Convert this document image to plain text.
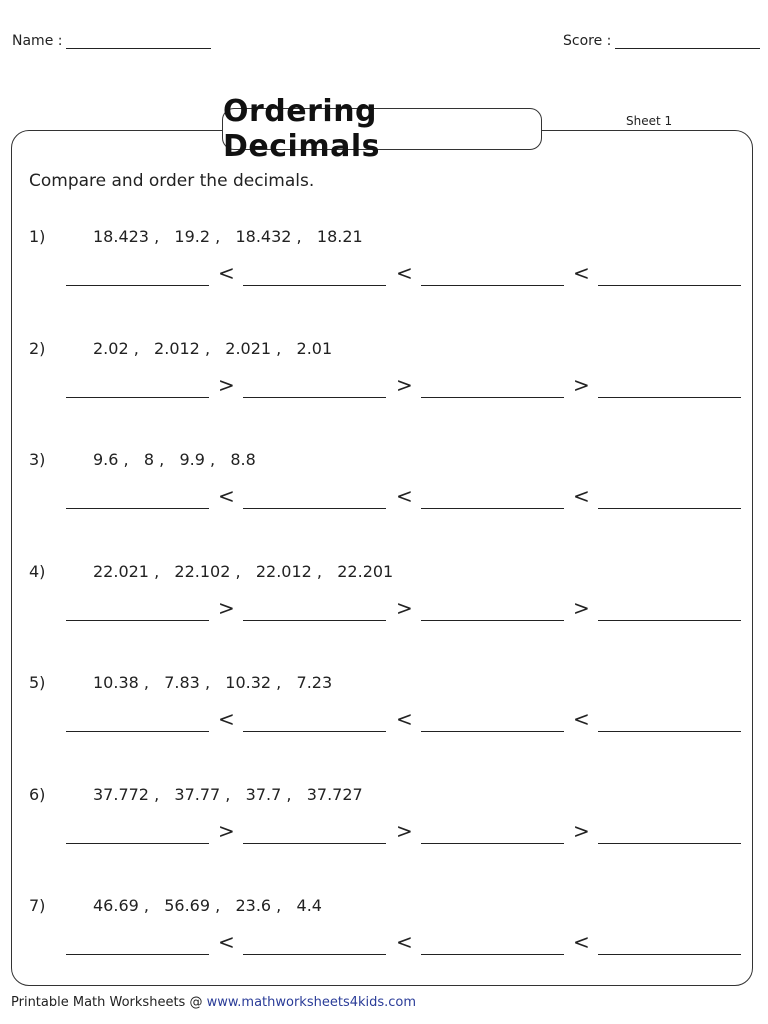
Name :	Score :
Ordering Decimals
Sheet 1
Compare and order the decimals.
1)	18.423 ,   19.2 ,   18.432 ,   18.21
<	<	<
2)	2.02 ,   2.012 ,   2.021 ,   2.01
>	>	>
3)	9.6 ,   8 ,   9.9 ,   8.8
<	<	<
4)	22.021 ,   22.102 ,   22.012 ,   22.201
>	>	>
5)	10.38 ,   7.83 ,   10.32 ,   7.23
<	<	<
6)	37.772 ,   37.77 ,   37.7 ,   37.727
>	>	>
7)	46.69 ,   56.69 ,   23.6 ,   4.4
<	<	<
Printable Math Worksheets @ www.mathworksheets4kids.com
